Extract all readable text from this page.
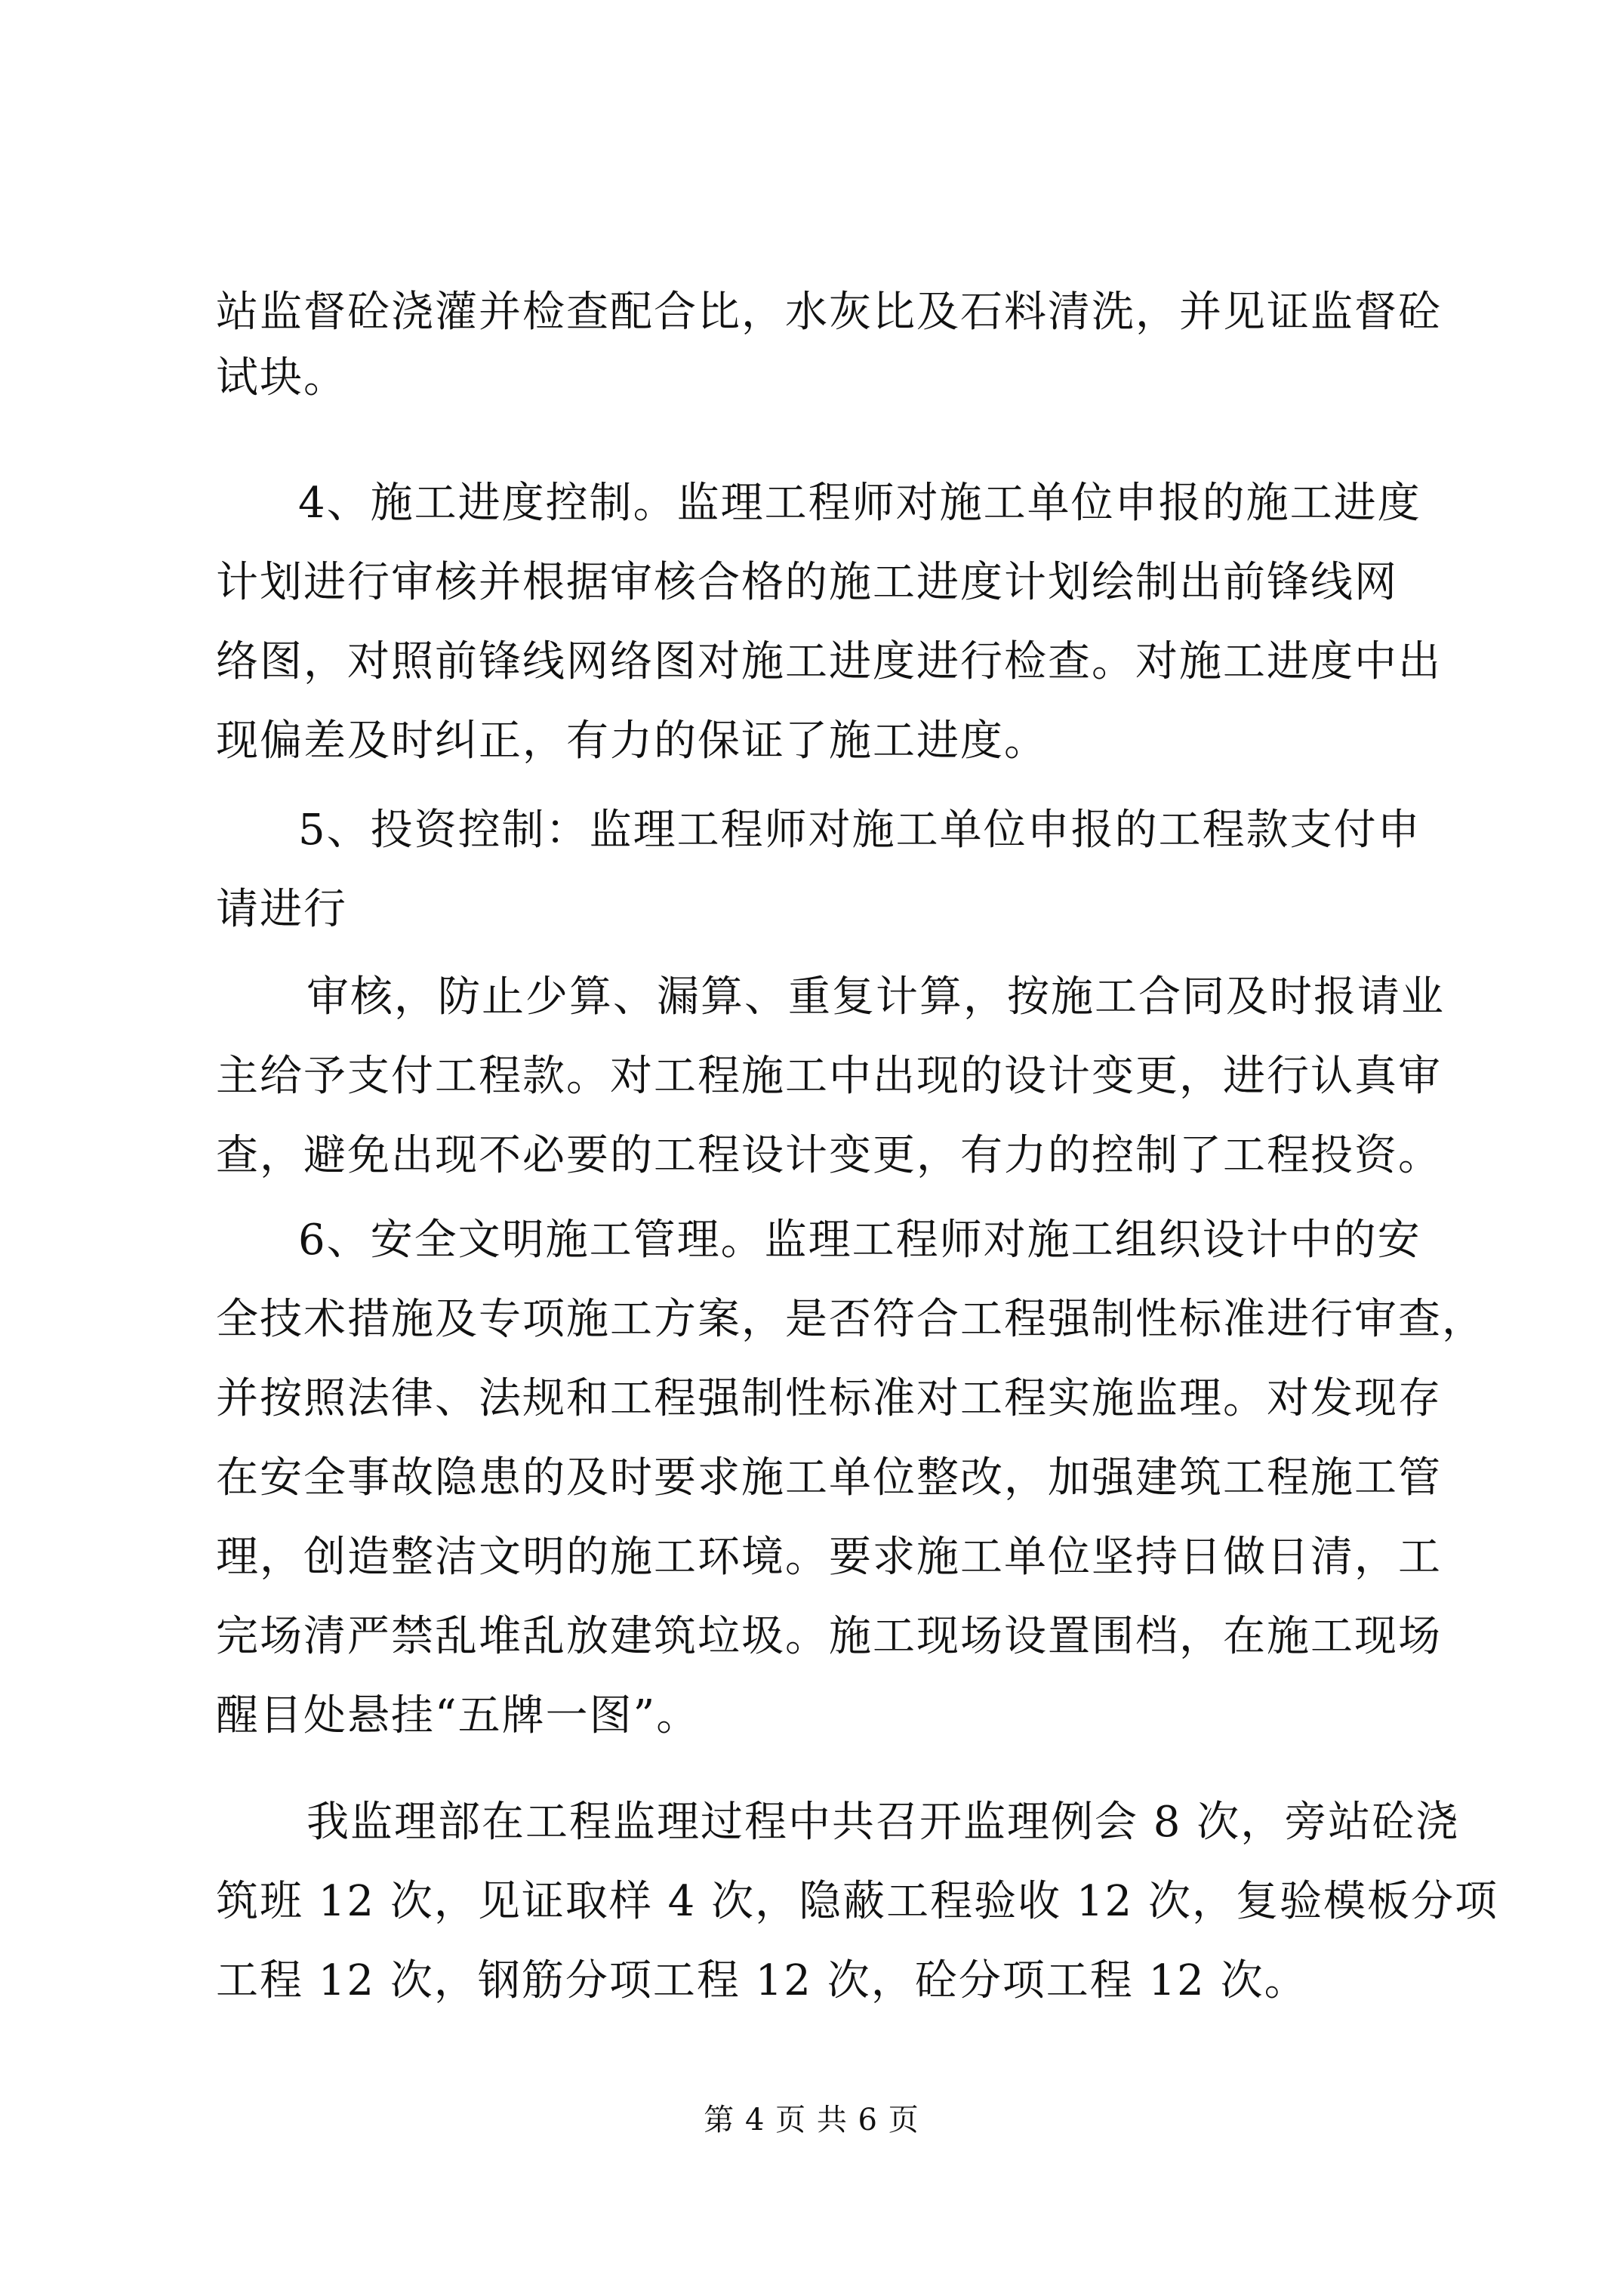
站监督砼浇灌并检查配合比，水灰比及石料清洗，并见证监督砼

试块。

4、施工进度控制。监理工程师对施工单位申报的施工进度

计划进行审核并根据审核合格的施工进度计划绘制出前锋线网

络图，对照前锋线网络图对施工进度进行检查。对施工进度中出

现偏差及时纠正，有力的保证了施工进度。

5、投资控制：监理工程师对施工单位申报的工程款支付申

请进行

审核，防止少算、漏算、重复计算，按施工合同及时报请业

主给予支付工程款。对工程施工中出现的设计变更，进行认真审

查，避免出现不必要的工程设计变更，有力的控制了工程投资。

6、安全文明施工管理。监理工程师对施工组织设计中的安

全技术措施及专项施工方案，是否符合工程强制性标准进行审查，

并按照法律、法规和工程强制性标准对工程实施监理。对发现存

在安全事故隐患的及时要求施工单位整改，加强建筑工程施工管

理，创造整洁文明的施工环境。要求施工单位坚持日做日清，工

完场清严禁乱堆乱放建筑垃圾。施工现场设置围档，在施工现场

醒目处悬挂“五牌一图”。

我监理部在工程监理过程中共召开监理例会 8 次，旁站砼浇

筑班 12 次，见证取样 4 次，隐蔽工程验收 12 次，复验模板分项

工程 12 次，钢筋分项工程 12 次，砼分项工程 12 次。

第 4 页 共 6 页
